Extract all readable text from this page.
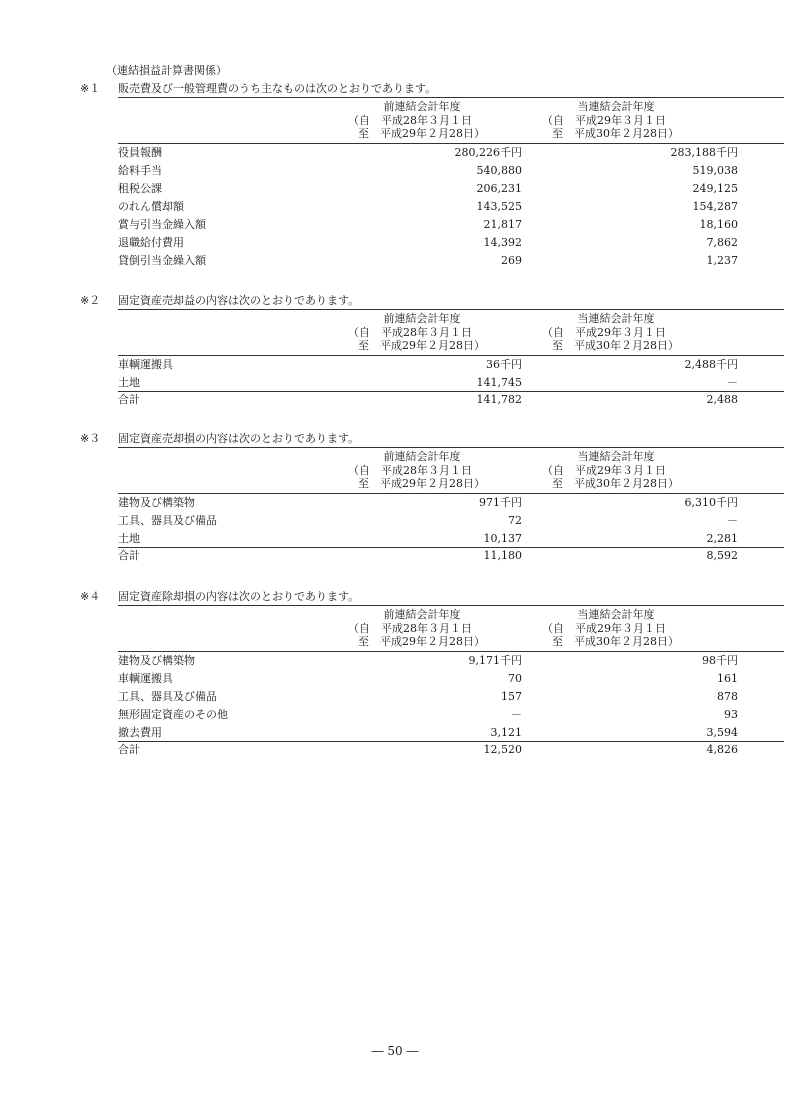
（連結損益計算書関係）
※１ 販売費及び一般管理費のうち主なものは次のとおりであります。
前連結会計年度
（自　平成28年３月１日
至　平成29年２月28日）
当連結会計年度
（自　平成29年３月１日
至　平成30年２月28日）
役員報酬	280,226千円	283,188千円
給料手当	540,880	519,038
租税公課	206,231	249,125
のれん償却額	143,525	154,287
賞与引当金繰入額	21,817	18,160
退職給付費用	14,392	7,862
貸倒引当金繰入額	269	1,237
※２ 固定資産売却益の内容は次のとおりであります。
前連結会計年度
（自　平成28年３月１日
至　平成29年２月28日）
当連結会計年度
（自　平成29年３月１日
至　平成30年２月28日）
車輌運搬具	36千円	2,488千円
土地	141,745	－
合計	141,782	2,488
※３ 固定資産売却損の内容は次のとおりであります。
前連結会計年度
（自　平成28年３月１日
至　平成29年２月28日）
当連結会計年度
（自　平成29年３月１日
至　平成30年２月28日）
建物及び構築物	971千円	6,310千円
工具、器具及び備品	72	－
土地	10,137	2,281
合計	11,180	8,592
※４ 固定資産除却損の内容は次のとおりであります。
前連結会計年度
（自　平成28年３月１日
至　平成29年２月28日）
当連結会計年度
（自　平成29年３月１日
至　平成30年２月28日）
建物及び構築物	9,171千円	98千円
車輌運搬具	70	161
工具、器具及び備品	157	878
無形固定資産のその他	－	93
撤去費用	3,121	3,594
合計	12,520	4,826
― 50 ―
